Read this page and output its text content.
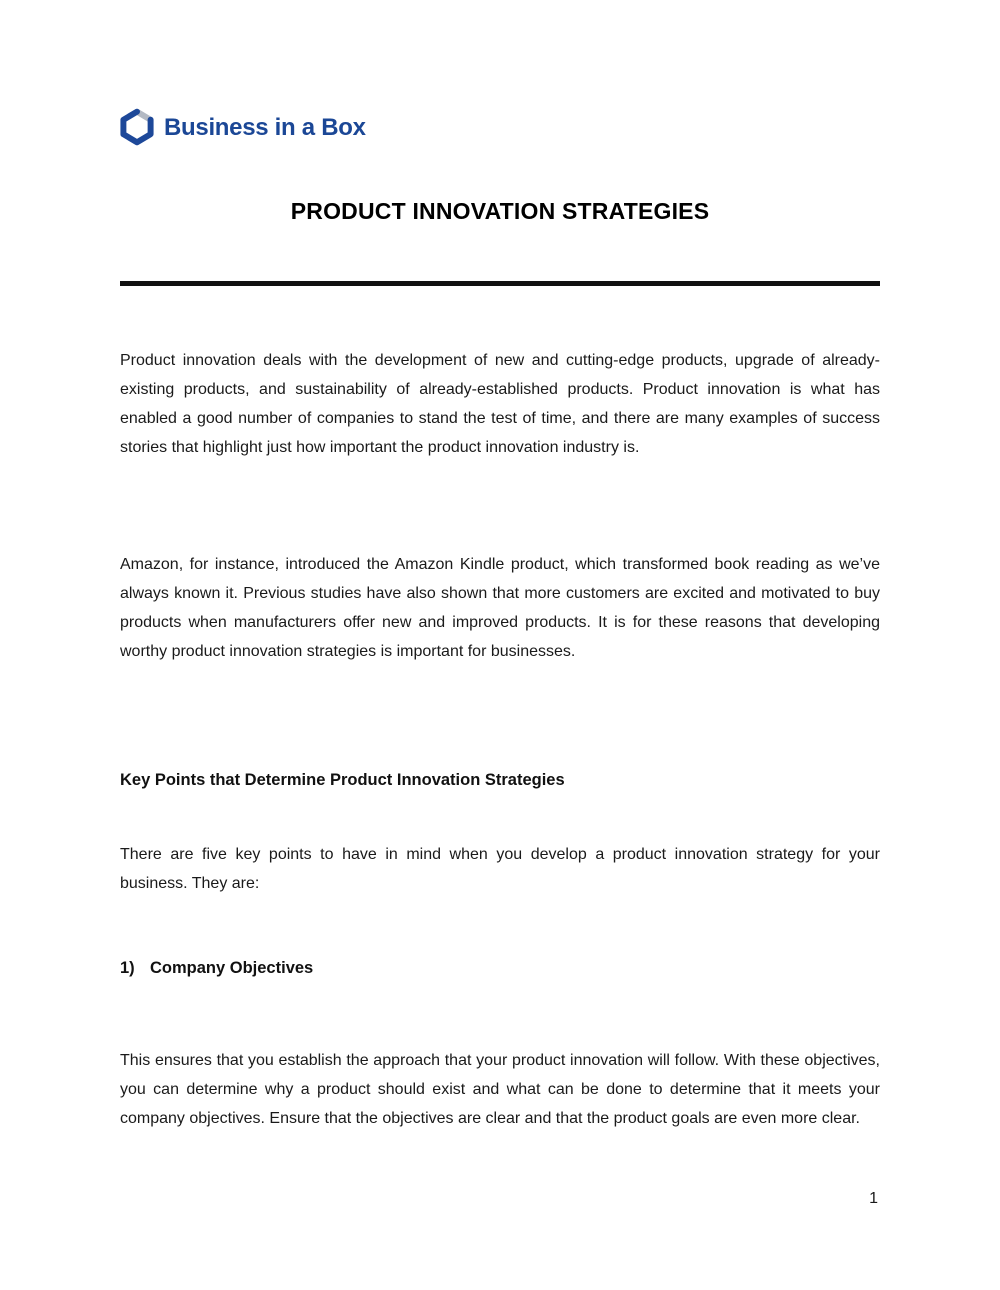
Business in a Box
PRODUCT INNOVATION STRATEGIES

Product innovation deals with the development of new and cutting-edge products, upgrade of already-existing products, and sustainability of already-established products. Product innovation is what has enabled a good number of companies to stand the test of time, and there are many examples of success stories that highlight just how important the product innovation industry is.

Amazon, for instance, introduced the Amazon Kindle product, which transformed book reading as we’ve always known it. Previous studies have also shown that more customers are excited and motivated to buy products when manufacturers offer new and improved products. It is for these reasons that developing worthy product innovation strategies is important for businesses.

Key Points that Determine Product Innovation Strategies

There are five key points to have in mind when you develop a product innovation strategy for your business. They are:

1) Company Objectives

This ensures that you establish the approach that your product innovation will follow. With these objectives, you can determine why a product should exist and what can be done to determine that it meets your company objectives. Ensure that the objectives are clear and that the product goals are even more clear.

1
